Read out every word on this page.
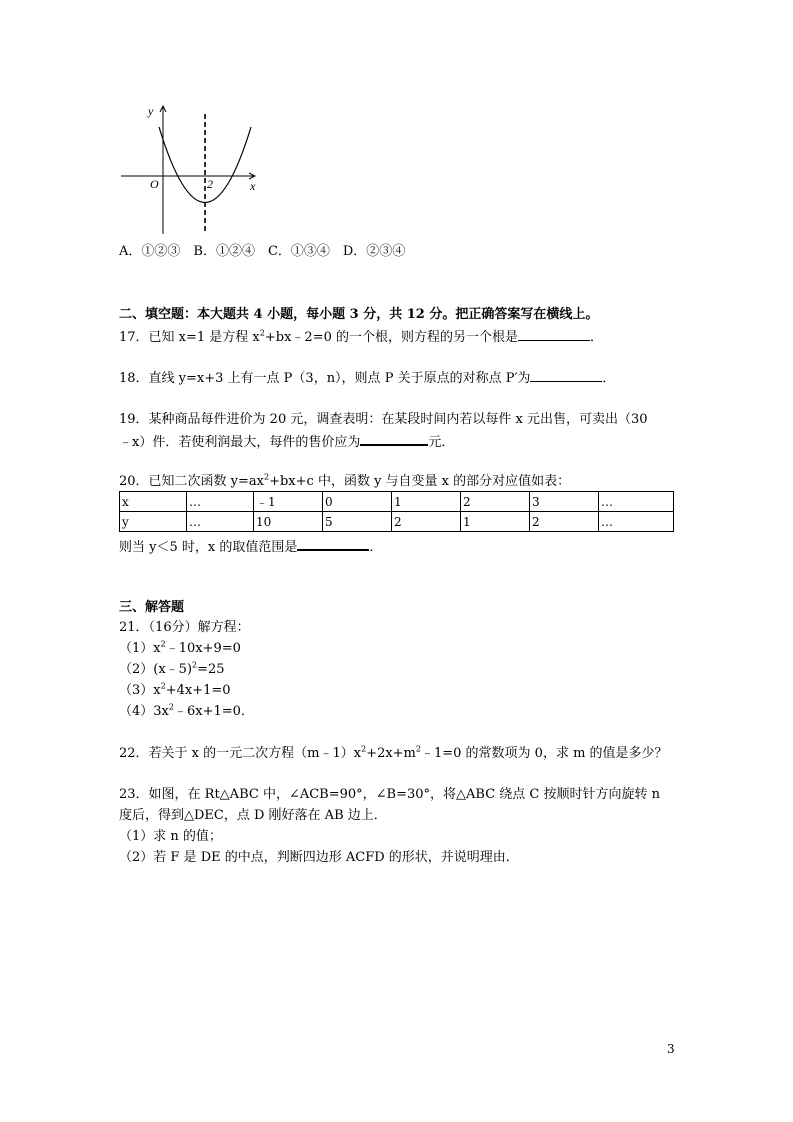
y
x
O	2
A．①②③　B．①②④　C．①③④　D．②③④
二、填空题：本大题共 4 小题，每小题 3 分，共 12 分。把正确答案写在横线上。
17．已知 x=1 是方程 $x^2+bx﹣2=0$ 的一个根，则方程的另一个根是	．
18．直线 y=x+3 上有一点 P（3，n），则点 P 关于原点的对称点 P′为	．
19．某种商品每件进价为 20 元，调查表明：在某段时间内若以每件 x 元出售，可卖出（30
﹣x）件．若使利润最大，每件的售价应为	元．
20．已知二次函数 $y=ax^2+bx+c$ 中，函数 y 与自变量 x 的部分对应值如表：
x	…	﹣1	0	1	2	3	…
y	…	10	5	2	1	2	…
则当 y＜5 时，x 的取值范围是	．
三、解答题
21．（16分）解方程：
$(1)x^2﹣10x+9=0$
（2）(x﹣5)$^2$=25
$(3)x^2+4x+1=0$
$(4)3x^2﹣6x+1=0$．
22．若关于 x 的一元二次方程$(m﹣1)x^2+2x+m^2﹣1=0$ 的常数项为 0，求 m 的值是多少？
23．如图，在 Rt△ABC 中，∠ACB=90°，∠B=30°，将△ABC 绕点 C 按顺时针方向旋转 n
度后，得到△DEC，点 D 刚好落在 AB 边上．
（1）求 n 的值；
（2）若 F 是 DE 的中点，判断四边形 ACFD 的形状，并说明理由．
3
